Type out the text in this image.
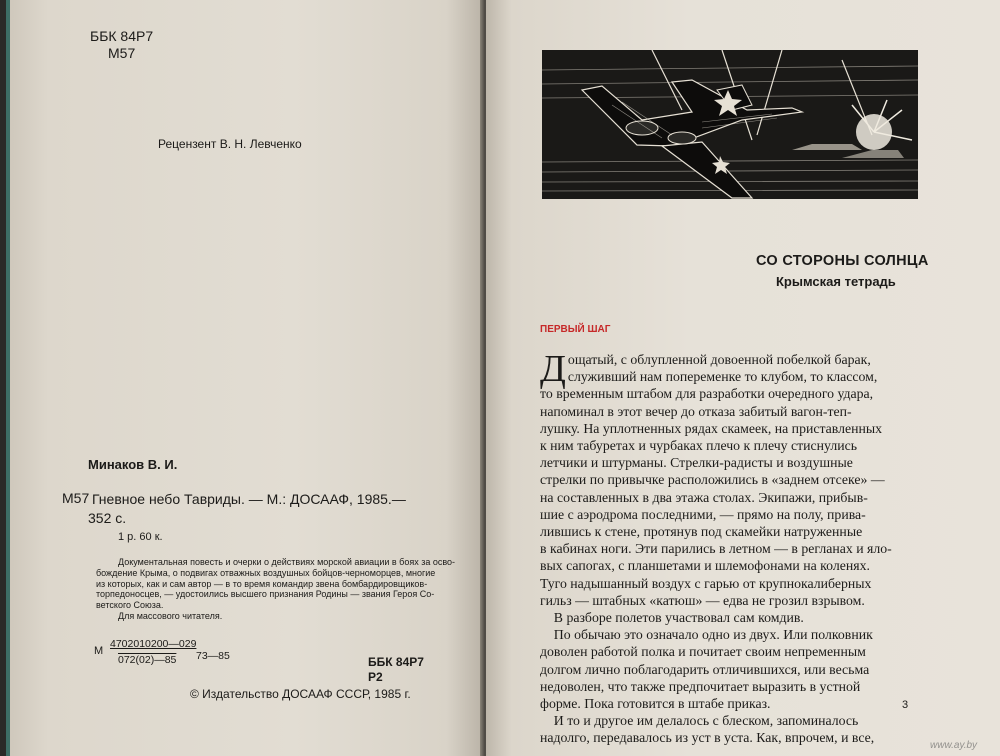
ББК 84Р7
М57
Рецензент В. Н. Левченко
Минаков В. И.
М57 Гневное небо Тавриды. — М.: ДОСААФ, 1985.—
352 с.
1 р. 60 к.
Документальная повесть и очерки о действиях морской авиации в боях за осво-
бождение Крыма, о подвигах отважных воздушных бойцов-черноморцев, многие
из которых, как и сам автор — в то время командир звена бомбардировщиков-
торпедоносцев, — удостоились высшего признания Родины — звания Героя Со-
ветского Союза.
Для массового читателя.
М
4702010200—029
072(02)—85 73—85	ББК 84Р7
Р2
© Издательство ДОСААФ СССР, 1985 г.
СО СТОРОНЫ СОЛНЦА
Крымская тетрадь
ПЕРВЫЙ ШАГ
Д ощатый, с облупленной довоенной побелкой барак,
служивший нам попеременке то клубом, то классом,
то временным штабом для разработки очередного удара,
напоминал в этот вечер до отказа забитый вагон-теп-
лушку. На уплотненных рядах скамеек, на приставленных
к ним табуретах и чурбаках плечо к плечу стиснулись
летчики и штурманы. Стрелки-радисты и воздушные
стрелки по привычке расположились в «заднем отсеке» —
на составленных в два этажа столах. Экипажи, прибыв-
шие с аэродрома последними, — прямо на полу, прива-
лившись к стене, протянув под скамейки натруженные
в кабинах ноги. Эти парились в летном — в регланах и яло-
вых сапогах, с планшетами и шлемофонами на коленях.
Туго надышанный воздух с гарью от крупнокалиберных
гильз — штабных «катюш» — едва не грозил взрывом.
В разборе полетов участвовал сам комдив.
По обычаю это означало одно из двух. Или полковник
доволен работой полка и почитает своим непременным
долгом лично поблагодарить отличившихся, или весьма
недоволен, что также предпочитает выразить в устной
форме. Пока готовится в штабе приказ.
И то и другое им делалось с блеском, запоминалось
надолго, передавалось из уст в уста. Как, впрочем, и все,
3
www.ay.by
